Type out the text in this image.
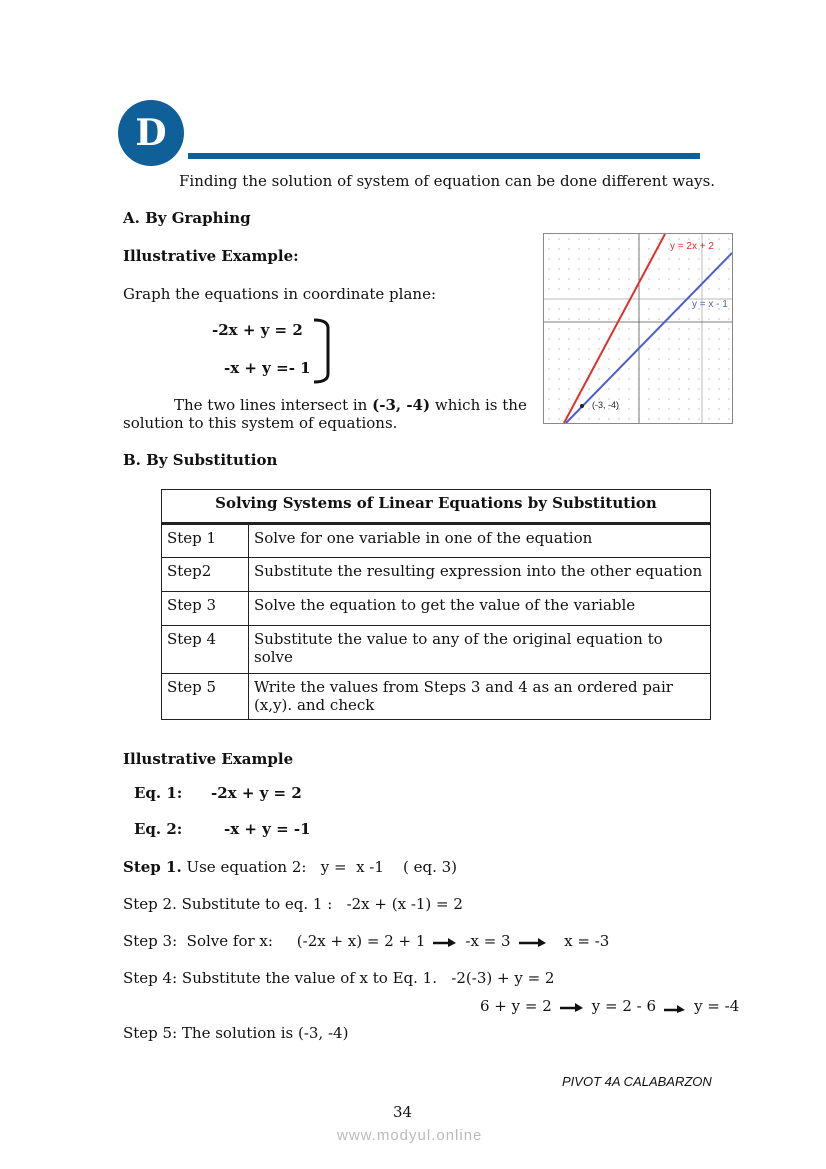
D
Finding the solution of system of equation can be done different ways.
A. By Graphing
Illustrative Example:
Graph the equations in coordinate plane:
-2x + y = 2
-x + y =- 1
The two lines intersect in (-3, -4) which is the
solution to this system of equations.
y = 2x + 2
y = x - 1
(-3, -4)
B. By Substitution
Solving Systems of Linear Equations by Substitution	
Step 1	Solve for one variable in one of the equation
Step2	Substitute the resulting expression into the other equation
Step 3	Solve the equation to get the value of the variable
Step 4	Substitute the value to any of the original equation to solve
Step 5	Write the values from Steps 3 and 4 as an ordered pair (x,y). and check
Illustrative Example
Eq. 1: -2x + y = 2
Eq. 2:	-x + y = -1
Step 1. Use equation 2:   y =  x -1    ( eq. 3)
Step 2. Substitute to eq. 1 :   -2x + (x -1) = 2
Step 3:  Solve for x:     (-2x + x) = 2 + 1	-x = 3	x = -3
Step 4: Substitute the value of x to Eq. 1.   -2(-3) + y = 2
6 + y = 2	y = 2 - 6	y = -4
Step 5: The solution is (-3, -4)
PIVOT 4A CALABARZON
34
www.modyul.online
